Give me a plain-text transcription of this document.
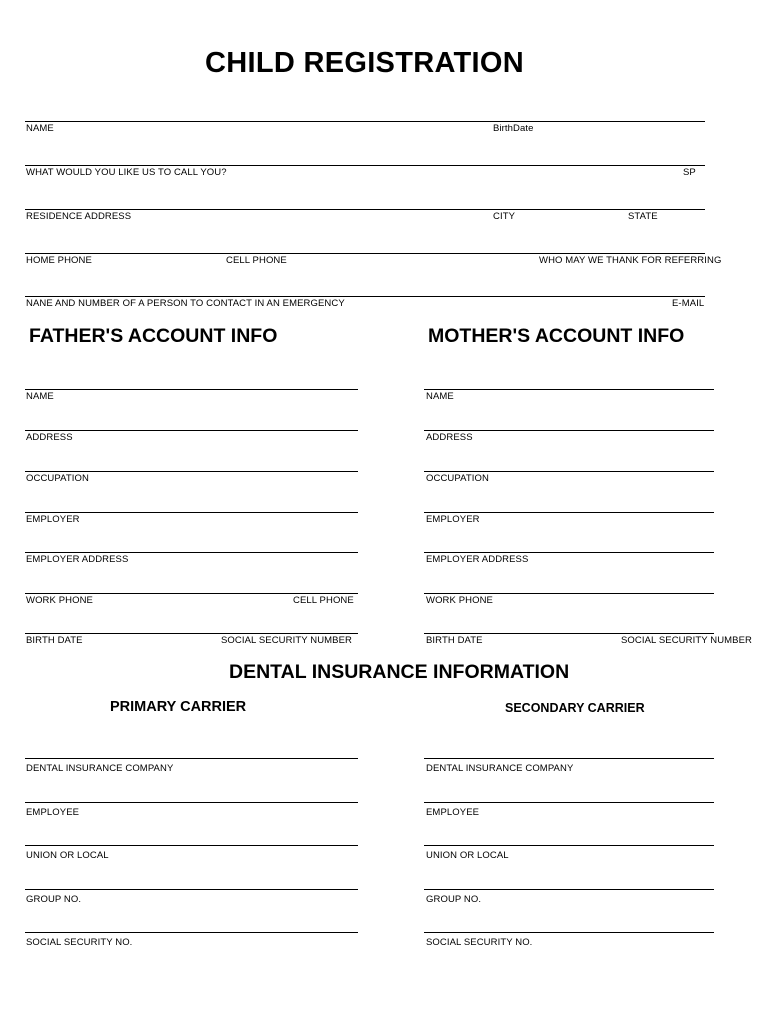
CHILD REGISTRATION
NAME	BirthDate
WHAT WOULD YOU LIKE US TO CALL YOU?	SP
RESIDENCE ADDRESS	CITY	STATE
HOME PHONE	CELL PHONE	WHO MAY WE THANK FOR REFERRING
NANE AND NUMBER OF A PERSON TO CONTACT IN AN EMERGENCY	E-MAIL
FATHER'S ACCOUNT INFO	MOTHER'S ACCOUNT INFO
NAME
ADDRESS
OCCUPATION
EMPLOYER
EMPLOYER ADDRESS
WORK PHONE	CELL PHONE
BIRTH DATE	SOCIAL SECURITY NUMBER
NAME
ADDRESS
OCCUPATION
EMPLOYER
EMPLOYER ADDRESS
WORK PHONE
BIRTH DATE	SOCIAL SECURITY NUMBER
DENTAL INSURANCE INFORMATION
PRIMARY CARRIER	SECONDARY CARRIER
DENTAL INSURANCE COMPANY
EMPLOYEE
UNION OR LOCAL
GROUP NO.
SOCIAL SECURITY NO.
DENTAL INSURANCE COMPANY
EMPLOYEE
UNION OR LOCAL
GROUP NO.
SOCIAL SECURITY NO.
